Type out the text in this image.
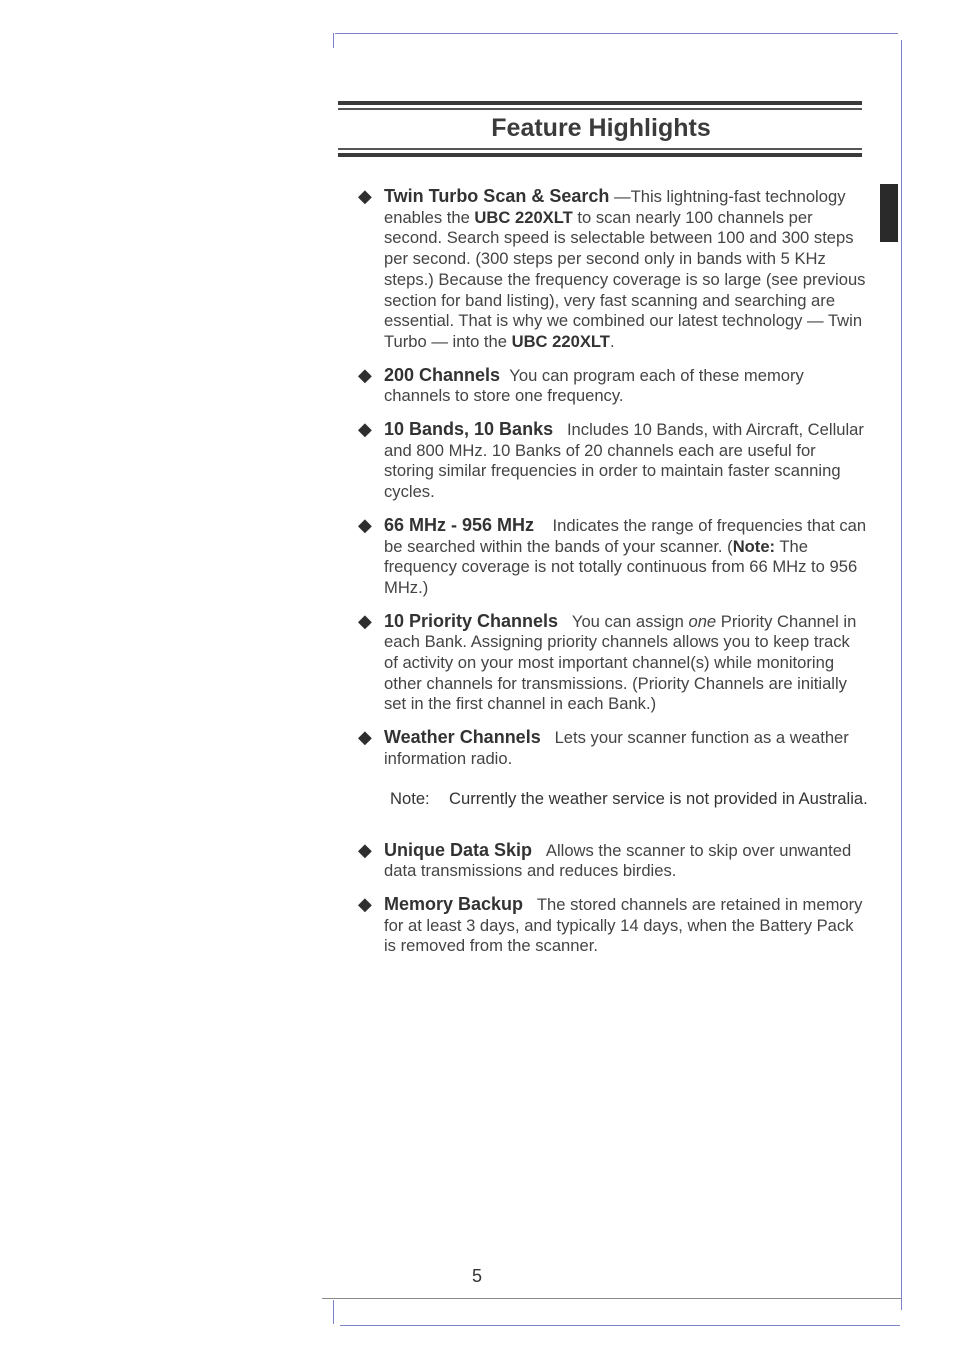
Feature Highlights
◆ Twin Turbo Scan & Search —This lightning-fast technology enables the UBC 220XLT to scan nearly 100 channels per second. Search speed is selectable between 100 and 300 steps per second. (300 steps per second only in bands with 5 KHz steps.) Because the frequency coverage is so large (see previous section for band listing), very fast scanning and searching are essential. That is why we combined our latest technology — Twin Turbo — into the UBC 220XLT.
◆ 200 Channels You can program each of these memory channels to store one frequency.
◆ 10 Bands, 10 Banks Includes 10 Bands, with Aircraft, Cellular and 800 MHz. 10 Banks of 20 channels each are useful for storing similar frequencies in order to maintain faster scanning cycles.
◆ 66 MHz - 956 MHz Indicates the range of frequencies that can be searched within the bands of your scanner. (Note: The frequency coverage is not totally continuous from 66 MHz to 956 MHz.)
◆ 10 Priority Channels You can assign one Priority Channel in each Bank. Assigning priority channels allows you to keep track of activity on your most important channel(s) while monitoring other channels for transmissions. (Priority Channels are initially set in the first channel in each Bank.)
◆ Weather Channels Lets your scanner function as a weather information radio.
Note:	Currently the weather service is not provided in Australia.
◆ Unique Data Skip Allows the scanner to skip over unwanted data transmissions and reduces birdies.
◆ Memory Backup The stored channels are retained in memory for at least 3 days, and typically 14 days, when the Battery Pack is removed from the scanner.
5
